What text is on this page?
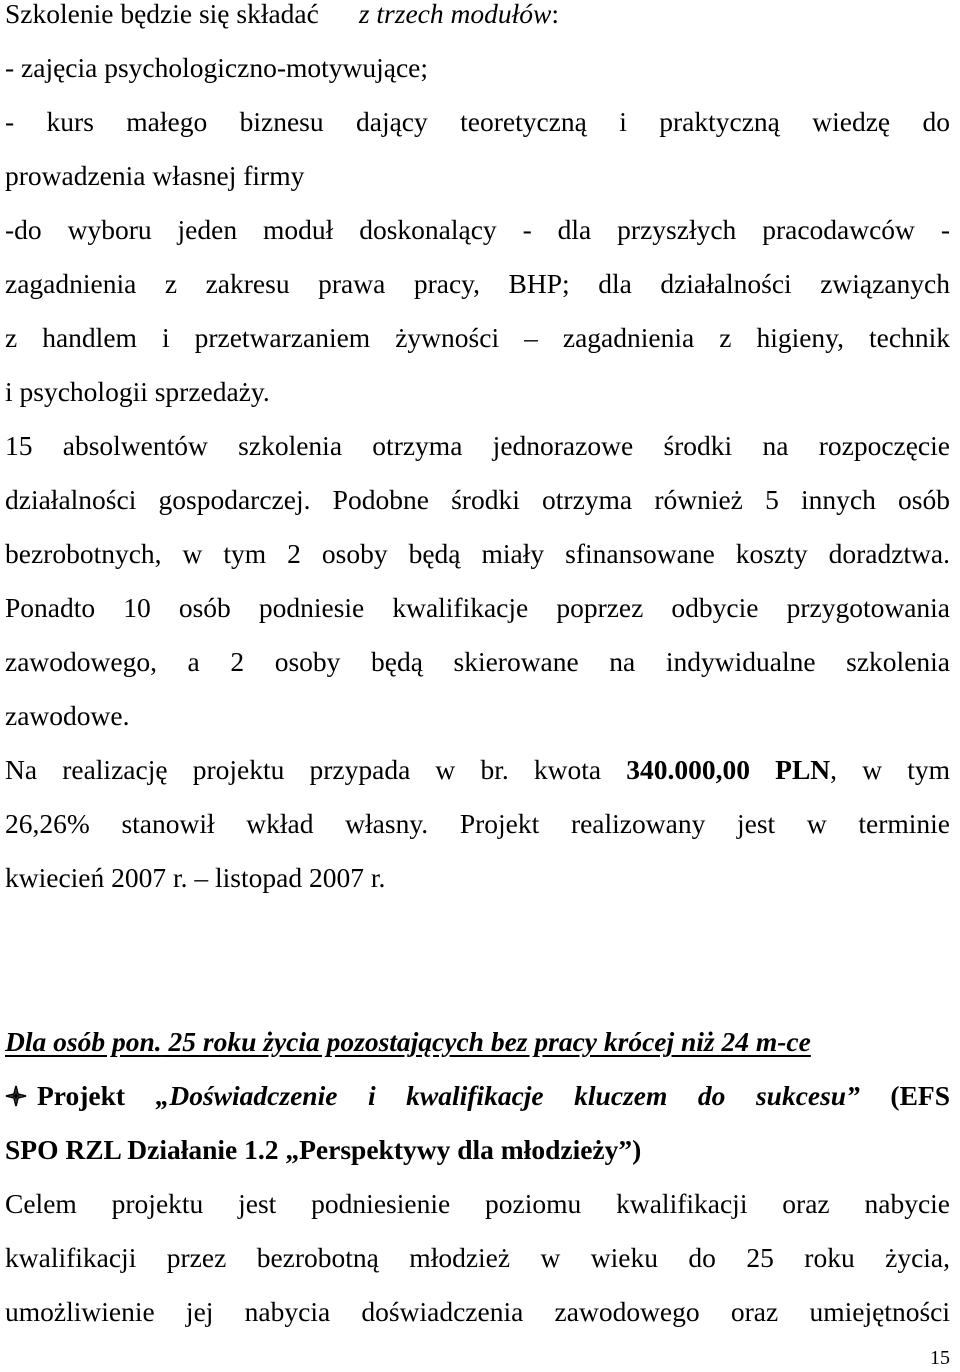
Szkolenie będzie się składać z trzech modułów:
- zajęcia psychologiczno-motywujące;
- kurs małego biznesu dający teoretyczną i praktyczną wiedzę do
prowadzenia własnej firmy
-do wyboru jeden moduł doskonalący - dla przyszłych pracodawców -
zagadnienia z zakresu prawa pracy, BHP; dla działalności związanych
z handlem i przetwarzaniem żywności – zagadnienia z higieny, technik
i psychologii sprzedaży.
15 absolwentów szkolenia otrzyma jednorazowe środki na rozpoczęcie
działalności gospodarczej. Podobne środki otrzyma również 5 innych osób
bezrobotnych, w tym 2 osoby będą miały sfinansowane koszty doradztwa.
Ponadto 10 osób podniesie kwalifikacje poprzez odbycie przygotowania
zawodowego, a 2 osoby będą skierowane na indywidualne szkolenia
zawodowe.
Na realizację projektu przypada w br. kwota 340.000,00 PLN, w tym
26,26% stanowił wkład własny. Projekt realizowany jest w terminie
kwiecień 2007 r. – listopad 2007 r.
Dla osób pon. 25 roku życia pozostających bez pracy krócej niż 24 m-ce
Projekt „Doświadczenie i kwalifikacje kluczem do sukcesu” (EFS
SPO RZL Działanie 1.2 „Perspektywy dla młodzieży”)
Celem projektu jest podniesienie poziomu kwalifikacji oraz nabycie
kwalifikacji przez bezrobotną młodzież w wieku do 25 roku życia,
umożliwienie jej nabycia doświadczenia zawodowego oraz umiejętności
15
